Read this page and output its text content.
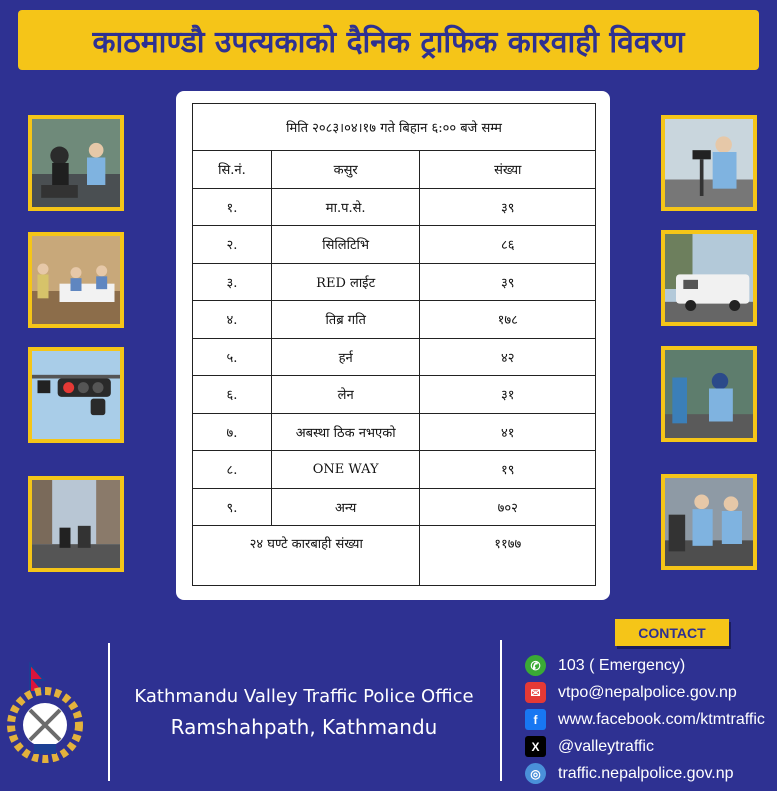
काठमाण्डौ उपत्यकाको दैनिक ट्राफिक कारवाही विवरण
मिति २०८३।०४।१७ गते बिहान ६:०० बजे सम्म		
सि.नं.	कसुर	संख्या
१.	मा.प.से.	३९
२.	सिलिटिभि	८६
३.	RED लाईट	३९
४.	तिब्र गति	१७८
५.	हर्न	४२
६.	लेन	३१
७.	अबस्था ठिक नभएको	४१
८.	ONE WAY	१९
९.	अन्य	७०२
२४ घण्टे कारबाही संख्या		११७७
Kathmandu Valley Traffic Police Office
Ramshahpath, Kathmandu
CONTACT
✆	103 ( Emergency)
✉	vtpo@nepalpolice.gov.np
f	www.facebook.com/ktmtraffic
X	@valleytraffic
◎	traffic.nepalpolice.gov.np
